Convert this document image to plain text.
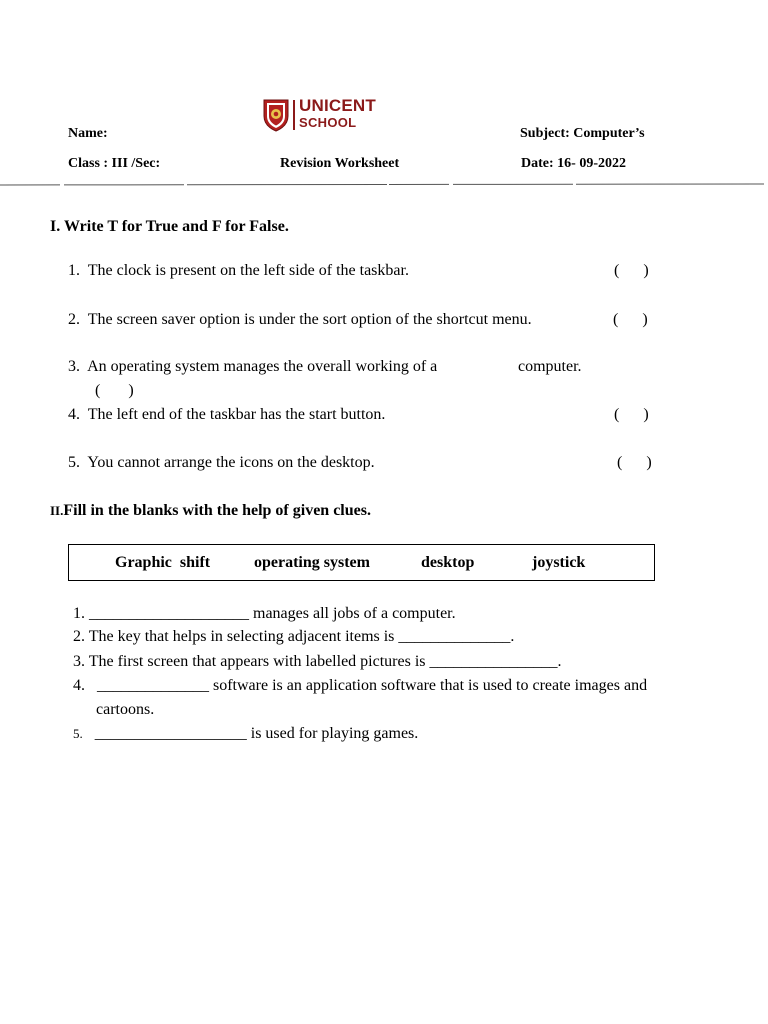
UNICENT
SCHOOL
Name:	Subject: Computer’s
Class : III /Sec:	Revision Worksheet	Date: 16- 09-2022
I. Write T for True and F for False.
1. The clock is present on the left side of the taskbar.	(      )
2. The screen saver option is under the sort option of the shortcut menu.	(      )
3. An operating system manages the overall working of a	computer.
(       )
4. The left end of the taskbar has the start button.	(      )
5. You cannot arrange the icons on the desktop.	(      )
II.Fill in the blanks with the help of given clues.
Graphic  shift	operating system	desktop	joystick
1. ____________________ manages all jobs of a computer.
2. The key that helps in selecting adjacent items is ______________.
3. The first screen that appears with labelled pictures is ________________.
4. ______________ software is an application software that is used to create images and
cartoons.
5. ___________________ is used for playing games.
